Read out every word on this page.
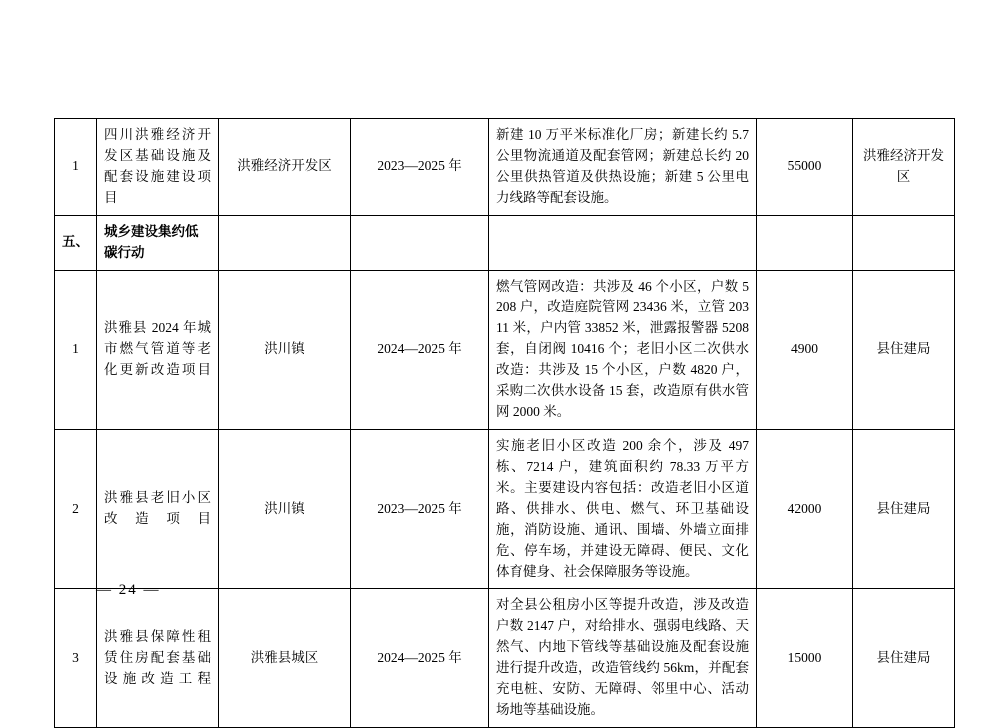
1	四川洪雅经济开发区基础设施及配套设施建设项目	洪雅经济开发区	2023—2025 年	新建 10 万平米标准化厂房；新建长约 5.7 公里物流通道及配套管网；新建总长约 20 公里供热管道及供热设施；新建 5 公里电力线路等配套设施。	55000	洪雅经济开发区
五、	城乡建设集约低碳行动					
1	洪雅县 2024 年城市燃气管道等老化更新改造项目	洪川镇	2024—2025 年	燃气管网改造：共涉及 46 个小区，户数 5208 户，改造庭院管网 23436 米，立管 20311 米，户内管 33852 米，泄露报警器 5208 套，自闭阀 10416 个；老旧小区二次供水改造：共涉及 15 个小区，户数 4820 户，采购二次供水设备 15 套，改造原有供水管网 2000 米。	4900	县住建局
2	洪雅县老旧小区改造项目	洪川镇	2023—2025 年	实施老旧小区改造 200 余个，涉及 497 栋、7214 户，建筑面积约 78.33 万平方米。主要建设内容包括：改造老旧小区道路、供排水、供电、燃气、环卫基础设施，消防设施、通讯、围墙、外墙立面排危、停车场，并建设无障碍、便民、文化体育健身、社会保障服务等设施。	42000	县住建局
3	洪雅县保障性租赁住房配套基础设施改造工程	洪雅县城区	2024—2025 年	对全县公租房小区等提升改造，涉及改造户数 2147 户，对给排水、强弱电线路、天然气、内地下管线等基础设施及配套设施进行提升改造，改造管线约 56km，并配套充电桩、安防、无障碍、邻里中心、活动场地等基础设施。	15000	县住建局
— 24 —
